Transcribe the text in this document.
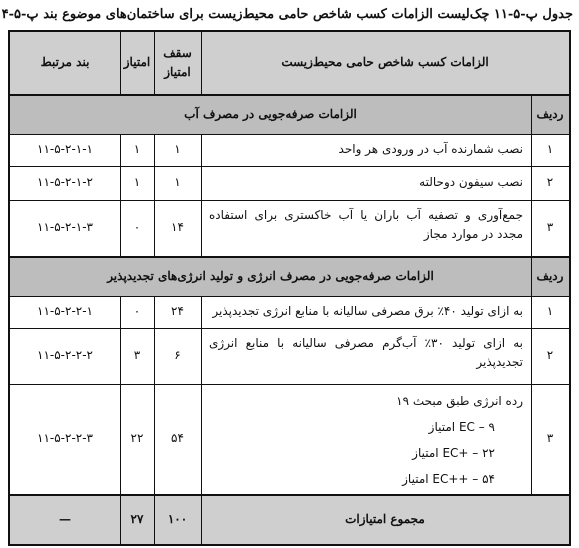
جدول پ-۵-۱۱ چک‌لیست الزامات کسب شاخص حامی محیط‌زیست برای ساختمان‌های موضوع بند پ-۵-۴
الزامات کسب شاخص حامی محیط‌زیست
سقف امتیاز
امتیاز
بند مرتبط
الزامات صرفه‌جویی در مصرف آب	ردیف
۱
نصب شمارنده آب در ورودی هر واحد
۱
۱
۱۱-۵-۲-۱-۱
۲
نصب سیفون دوحالته
۱
۱
۱۱-۵-۲-۱-۲
۳
جمع‌آوری و تصفیه آب باران یا آب خاکستری برای استفاده مجدد در موارد مجاز
۱۴
۰
۱۱-۵-۲-۱-۳
الزامات صرفه‌جویی در مصرف انرژی و تولید انرژی‌های تجدیدپذیر	ردیف
۱
به ازای تولید ۴۰٪ برق مصرفی سالیانه با منابع انرژی تجدیدپذیر
۲۴
۰
۱۱-۵-۲-۲-۱
۲
به ازای تولید ۳۰٪ آب‌گرم مصرفی سالیانه با منابع انرژی تجدیدپذیر
۶
۳
۱۱-۵-۲-۲-۲
۳
رده انرژی طبق مبحث ۱۹
EC – ۹ امتیاز
EC+ – ۲۲ امتیاز
EC++ – ۵۴ امتیاز
۵۴
۲۲
۱۱-۵-۲-۲-۳
مجموع امتیازات
۱۰۰
۲۷
—
